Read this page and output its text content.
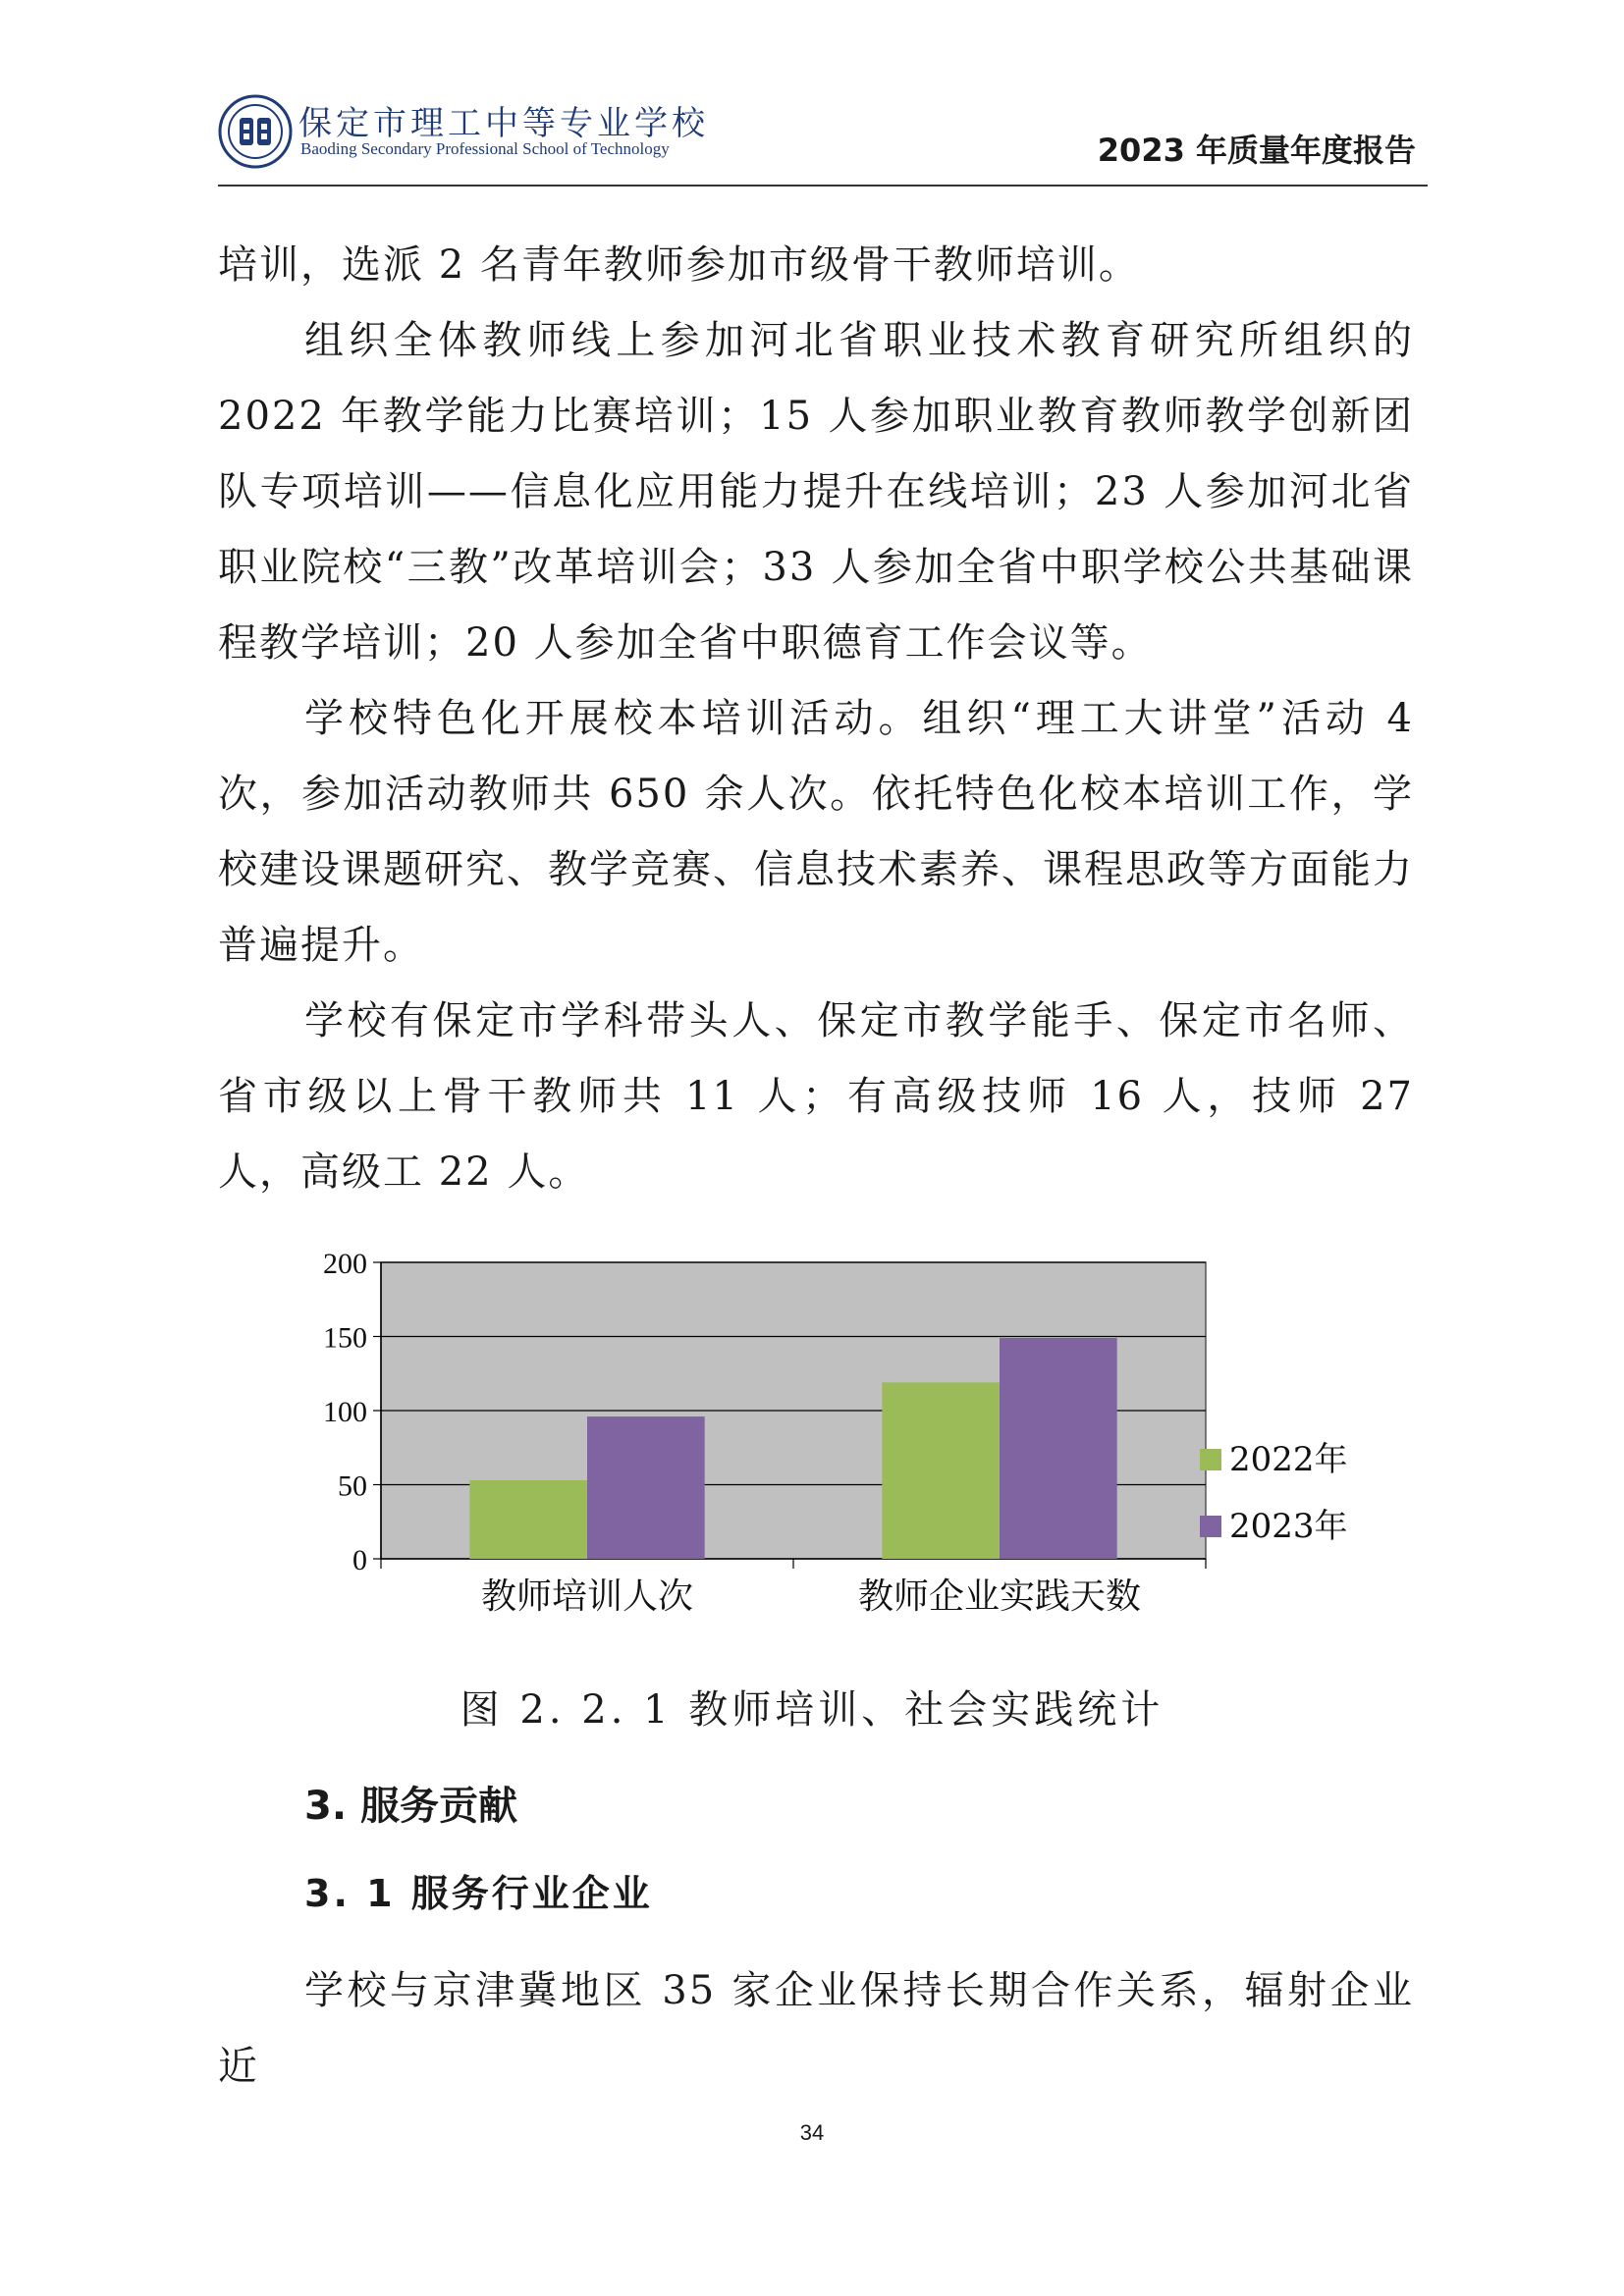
保定市理工中等专业学校
Baoding Secondary Professional School of Technology	2023 年质量年度报告

培训，选派 2 名青年教师参加市级骨干教师培训。

组织全体教师线上参加河北省职业技术教育研究所组织的 2022 年教学能力比赛培训；15 人参加职业教育教师教学创新团队专项培训——信息化应用能力提升在线培训；23 人参加河北省职业院校“三教”改革培训会；33 人参加全省中职学校公共基础课程教学培训；20 人参加全省中职德育工作会议等。

学校特色化开展校本培训活动。组织“理工大讲堂”活动 4 次，参加活动教师共 650 余人次。依托特色化校本培训工作，学校建设课题研究、教学竞赛、信息技术素养、课程思政等方面能力普遍提升。

学校有保定市学科带头人、保定市教学能手、保定市名师、省市级以上骨干教师共 11 人；有高级技师 16 人，技师 27 人，高级工 22 人。

0
50
100
150
200
教师培训人次	教师企业实践天数
2022年
2023年
图 2. 2. 1 教师培训、社会实践统计
3. 服务贡献
3. 1 服务行业企业

学校与京津冀地区 35 家企业保持长期合作关系，辐射企业近

34
